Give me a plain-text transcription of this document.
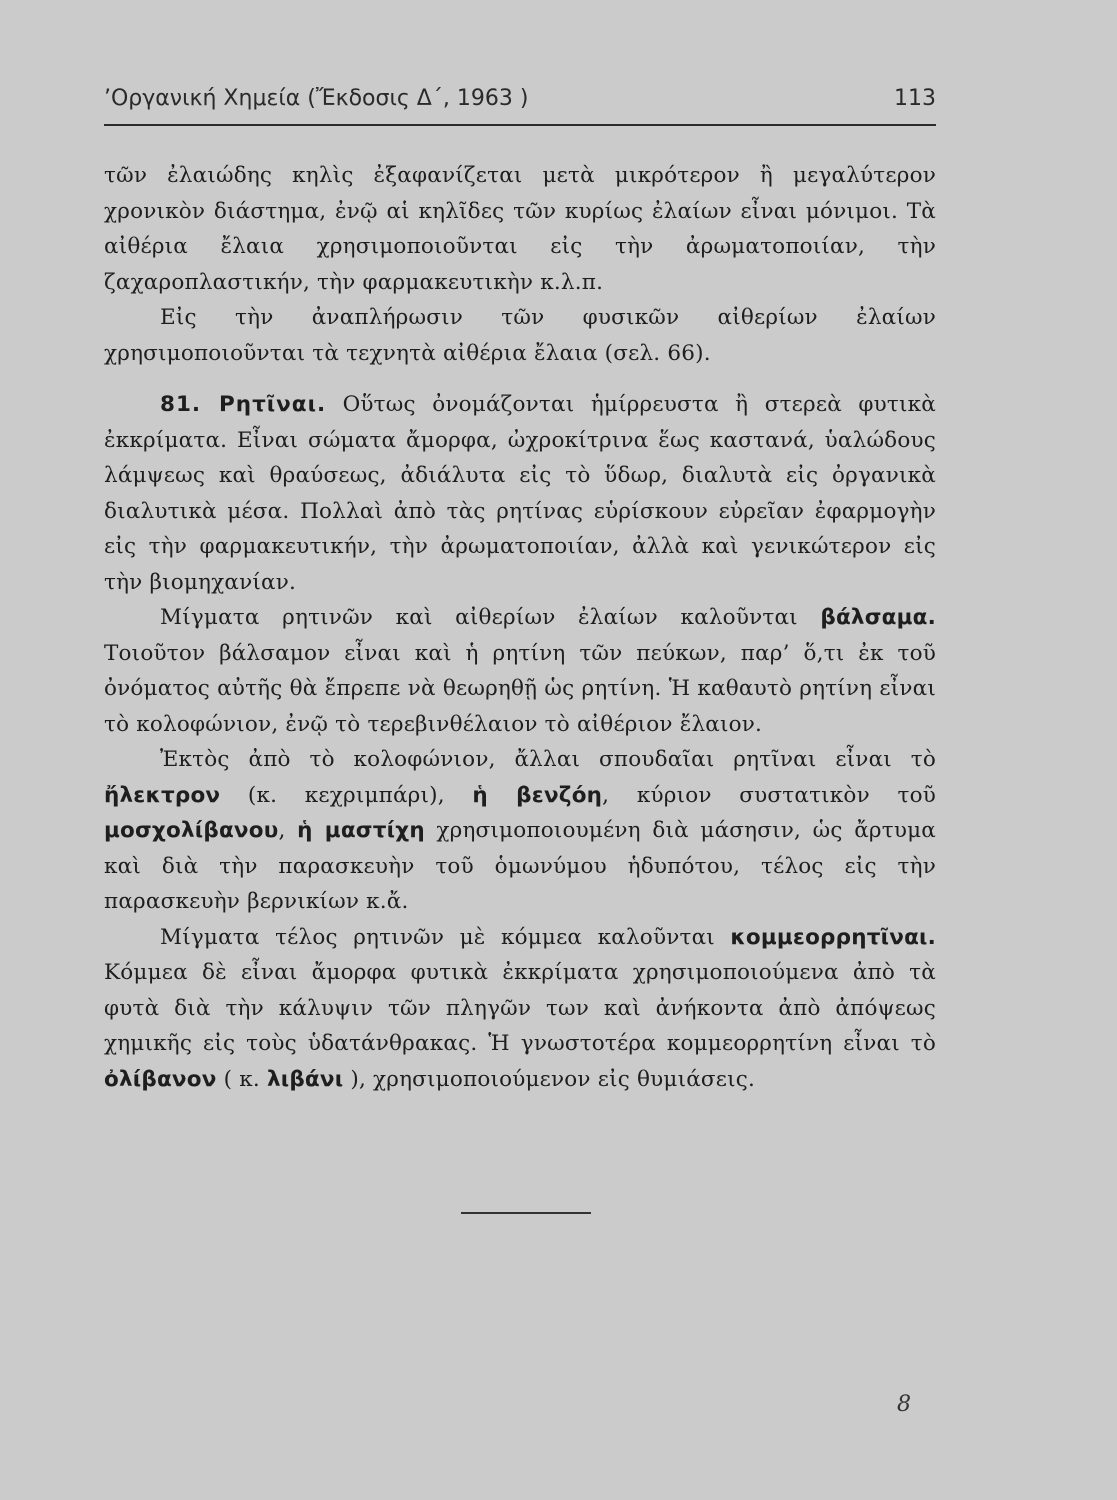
’Οργανική Χημεία (Ἔκδοσις Δ΄, 1963 )	113

τῶν ἐλαιώδης κηλὶς ἐξαφανίζεται μετὰ μικρότερον ἢ μεγαλύτερον χρονικὸν διάστημα, ἐνῷ αἱ κηλῖδες τῶν κυρίως ἐλαίων εἶναι μόνιμοι. Τὰ αἰθέρια ἔλαια χρησιμοποιοῦνται εἰς τὴν ἀρωματοποιίαν, τὴν ζαχαροπλαστικήν, τὴν φαρμακευτικὴν κ.λ.π.

Εἰς τὴν ἀναπλήρωσιν τῶν φυσικῶν αἰθερίων ἐλαίων χρησιμοποιοῦνται τὰ τεχνητὰ αἰθέρια ἔλαια (σελ. 66).

81. Ρητῖναι. Οὕτως ὀνομάζονται ἡμίρρευστα ἢ στερεὰ φυτικὰ ἐκκρίματα. Εἶναι σώματα ἄμορφα, ὠχροκίτρινα ἕως καστανά, ὑαλώδους λάμψεως καὶ θραύσεως, ἀδιάλυτα εἰς τὸ ὕδωρ, διαλυτὰ εἰς ὀργανικὰ διαλυτικὰ μέσα. Πολλαὶ ἀπὸ τὰς ρητίνας εὑρίσκουν εὐρεῖαν ἐφαρμογὴν εἰς τὴν φαρμακευτικήν, τὴν ἀρωματοποιίαν, ἀλλὰ καὶ γενικώτερον εἰς τὴν βιομηχανίαν.

Μίγματα ρητινῶν καὶ αἰθερίων ἐλαίων καλοῦνται βάλσαμα. Τοιοῦτον βάλσαμον εἶναι καὶ ἡ ρητίνη τῶν πεύκων, παρ’ ὅ,τι ἐκ τοῦ ὀνόματος αὐτῆς θὰ ἔπρεπε νὰ θεωρηθῇ ὡς ρητίνη. Ἡ καθαυτὸ ρητίνη εἶναι τὸ κολοφώνιον, ἐνῷ τὸ τερεβινθέλαιον τὸ αἰθέριον ἔλαιον.

Ἐκτὸς ἀπὸ τὸ κολοφώνιον, ἄλλαι σπουδαῖαι ρητῖναι εἶναι τὸ ἤλεκτρον (κ. κεχριμπάρι), ἡ βενζόη, κύριον συστατικὸν τοῦ μοσχολίβανου, ἡ μαστίχη χρησιμοποιουμένη διὰ μάσησιν, ὡς ἄρτυμα καὶ διὰ τὴν παρασκευὴν τοῦ ὁμωνύμου ἡδυπότου, τέλος εἰς τὴν παρασκευὴν βερνικίων κ.ἄ.

Μίγματα τέλος ρητινῶν μὲ κόμμεα καλοῦνται κομμεορρητῖναι. Κόμμεα δὲ εἶναι ἄμορφα φυτικὰ ἐκκρίματα χρησιμοποιούμενα ἀπὸ τὰ φυτὰ διὰ τὴν κάλυψιν τῶν πληγῶν των καὶ ἀνήκοντα ἀπὸ ἀπόψεως χημικῆς εἰς τοὺς ὑδατάνθρακας. Ἡ γνωστοτέρα κομμεορρητίνη εἶναι τὸ ὀλίβανον ( κ. λιβάνι ), χρησιμοποιούμενον εἰς θυμιάσεις.

8
